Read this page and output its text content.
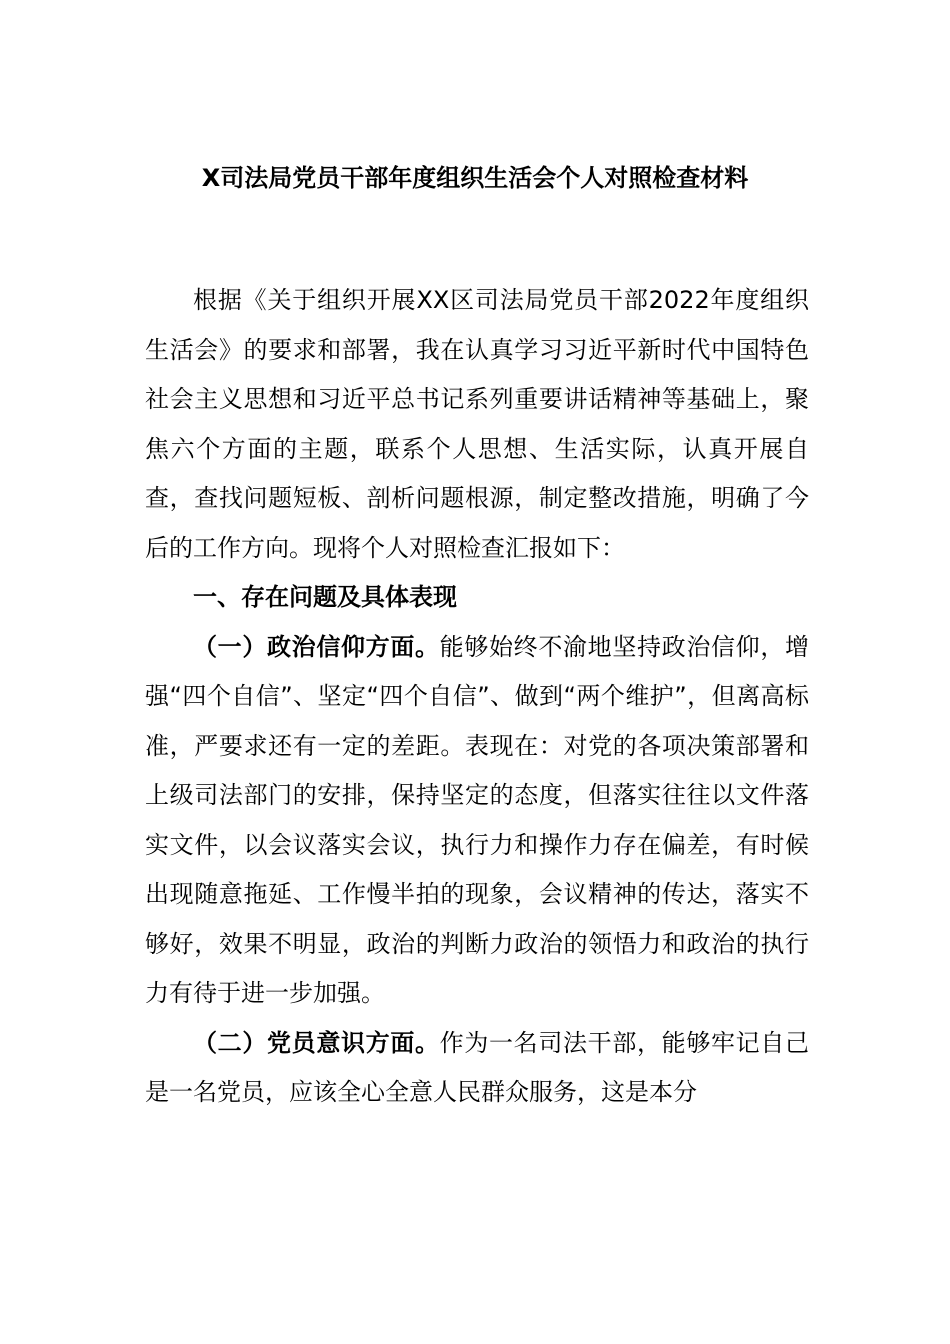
X司法局党员干部年度组织生活会个人对照检查材料

根据《关于组织开展XX区司法局党员干部2022年度组织生活会》的要求和部署，我在认真学习习近平新时代中国特色社会主义思想和习近平总书记系列重要讲话精神等基础上，聚焦六个方面的主题，联系个人思想、生活实际，认真开展自查，查找问题短板、剖析问题根源，制定整改措施，明确了今后的工作方向。现将个人对照检查汇报如下：

一、存在问题及具体表现

（一）政治信仰方面。能够始终不渝地坚持政治信仰，增强“四个自信”、坚定“四个自信”、做到“两个维护”，但离高标准，严要求还有一定的差距。表现在：对党的各项决策部署和上级司法部门的安排，保持坚定的态度，但落实往往以文件落实文件，以会议落实会议，执行力和操作力存在偏差，有时候出现随意拖延、工作慢半拍的现象，会议精神的传达，落实不够好，效果不明显，政治的判断力政治的领悟力和政治的执行力有待于进一步加强。

（二）党员意识方面。作为一名司法干部，能够牢记自己是一名党员，应该全心全意人民群众服务，这是本分
